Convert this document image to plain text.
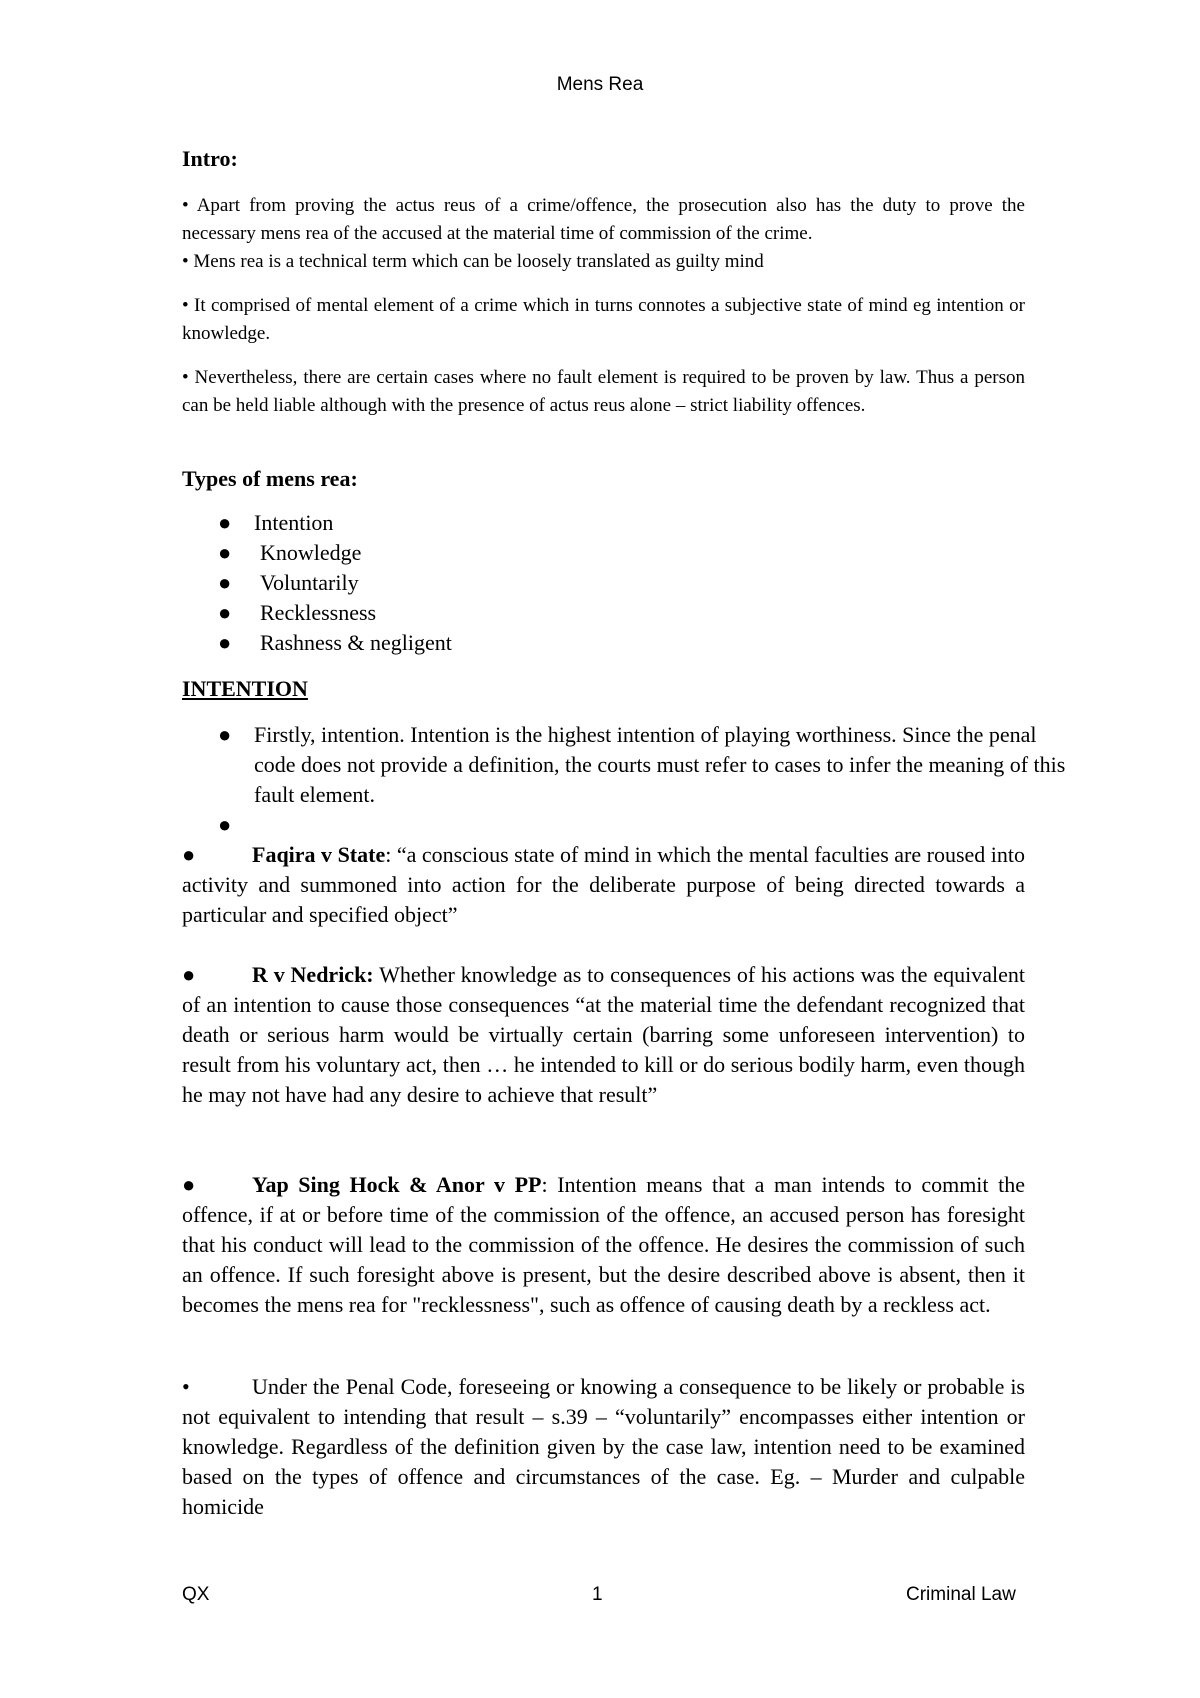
Mens Rea
Intro:
• Apart from proving the actus reus of a crime/offence, the prosecution also has the duty to prove the necessary mens rea of the accused at the material time of commission of the crime.
• Mens rea is a technical term which can be loosely translated as guilty mind
• It comprised of mental element of a crime which in turns connotes a subjective state of mind eg intention or knowledge.
• Nevertheless, there are certain cases where no fault element is required to be proven by law. Thus a person can be held liable although with the presence of actus reus alone – strict liability offences.
Types of mens rea:
● Intention
● Knowledge
● Voluntarily
● Recklessness
● Rashness & negligent
INTENTION
● Firstly, intention. Intention is the highest intention of playing worthiness. Since the penal code does not provide a definition, the courts must refer to cases to infer the meaning of this fault element.
●
●	Faqira v State: “a conscious state of mind in which the mental faculties are roused into activity and summoned into action for the deliberate purpose of being directed towards a particular and specified object”
●	R v Nedrick: Whether knowledge as to consequences of his actions was the equivalent of an intention to cause those consequences “at the material time the defendant recognized that death or serious harm would be virtually certain (barring some unforeseen intervention) to result from his voluntary act, then … he intended to kill or do serious bodily harm, even though he may not have had any desire to achieve that result”
●	Yap Sing Hock & Anor v PP: Intention means that a man intends to commit the offence, if at or before time of the commission of the offence, an accused person has foresight that his conduct will lead to the commission of the offence. He desires the commission of such an offence. If such foresight above is present, but the desire described above is absent, then it becomes the mens rea for "recklessness", such as offence of causing death by a reckless act.
•	Under the Penal Code, foreseeing or knowing a consequence to be likely or probable is not equivalent to intending that result – s.39 – “voluntarily” encompasses either intention or knowledge. Regardless of the definition given by the case law, intention need to be examined based on the types of offence and circumstances of the case. Eg. – Murder and culpable homicide
QX	1	Criminal Law
